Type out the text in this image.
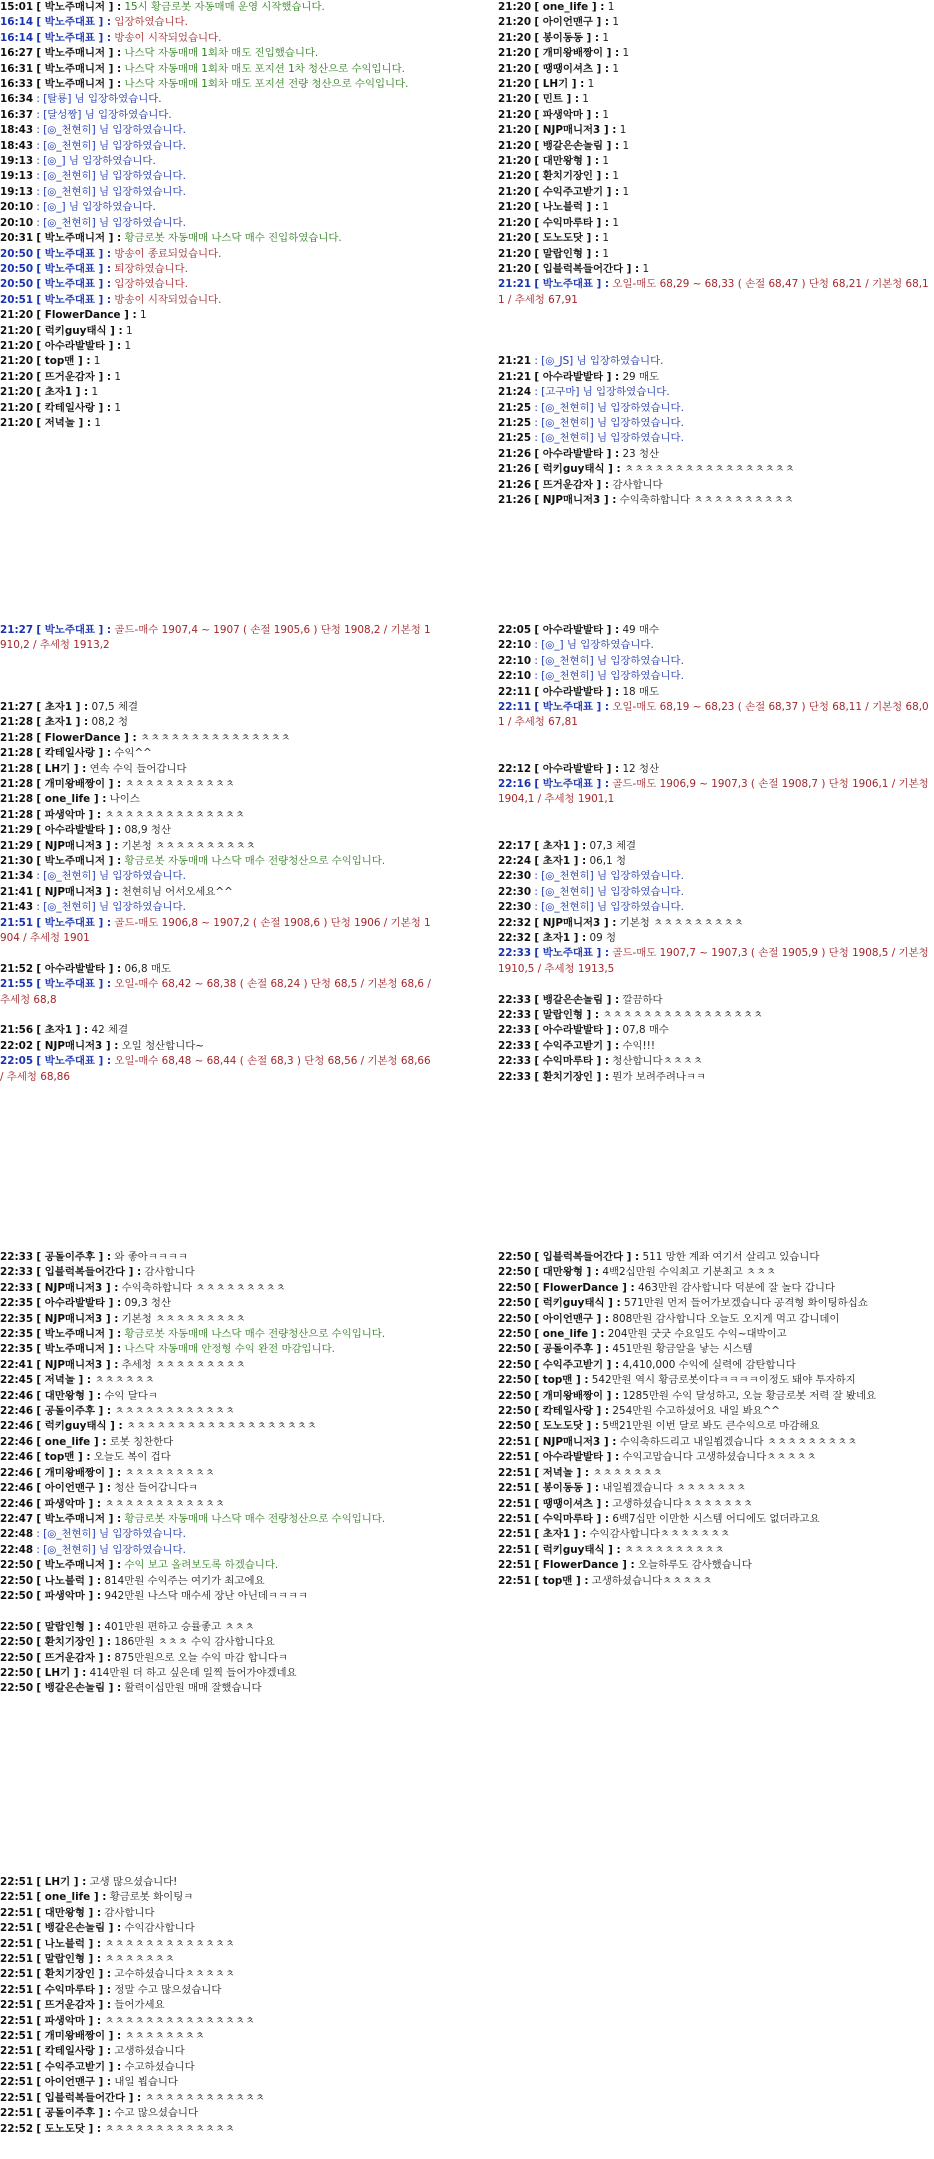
15:01 [ 박노주매니저 ] : 15시 황금로봇 자동매매 운영 시작했습니다.
16:14 [ 박노주대표 ] : 입장하였습니다.
16:14 [ 박노주대표 ] : 방송이 시작되었습니다.
16:27 [ 박노주매니저 ] : 나스닥 자동매매 1회차 매도 진입했습니다.
16:31 [ 박노주매니저 ] : 나스닥 자동매매 1회차 매도 포지션 1차 청산으로 수익입니다.
16:33 [ 박노주매니저 ] : 나스닥 자동매매 1회차 매도 포지션 전량 청산으로 수익입니다.
16:34 : [탈룡] 님 입장하였습니다.
16:37 : [달성짱] 님 입장하였습니다.
18:43 : [◎_천현히] 님 입장하였습니다.
18:43 : [◎_천현히] 님 입장하였습니다.
19:13 : [◎_] 님 입장하였습니다.
19:13 : [◎_천현히] 님 입장하였습니다.
19:13 : [◎_천현히] 님 입장하였습니다.
20:10 : [◎_] 님 입장하였습니다.
20:10 : [◎_천현히] 님 입장하였습니다.
20:31 [ 박노주매니저 ] : 황금로봇 자동매매 나스닥 매수 진입하였습니다.
20:50 [ 박노주대표 ] : 방송이 종료되었습니다.
20:50 [ 박노주대표 ] : 퇴장하였습니다.
20:50 [ 박노주대표 ] : 입장하였습니다.
20:51 [ 박노주대표 ] : 방송이 시작되었습니다.
21:20 [ FlowerDance ] : 1
21:20 [ 럭키guy태식 ] : 1
21:20 [ 아수라발발타 ] : 1
21:20 [ top맨 ] : 1
21:20 [ 뜨거운감자 ] : 1
21:20 [ 초자1 ] : 1
21:20 [ 칵테일사랑 ] : 1
21:20 [ 저녁놀 ] : 1
21:20 [ one_life ] : 1
21:20 [ 아이언맨구 ] : 1
21:20 [ 봉이동동 ] : 1
21:20 [ 개미왕배짱이 ] : 1
21:20 [ 땡땡이셔츠 ] : 1
21:20 [ LH기 ] : 1
21:20 [ 민트 ] : 1
21:20 [ 파생악마 ] : 1
21:20 [ NJP매니저3 ] : 1
21:20 [ 뱅갈은손놀림 ] : 1
21:20 [ 대만왕형 ] : 1
21:20 [ 환치기장인 ] : 1
21:20 [ 수익주고받기 ] : 1
21:20 [ 나노블럭 ] : 1
21:20 [ 수익마루타 ] : 1
21:20 [ 도노도닷 ] : 1
21:20 [ 말랍인형 ] : 1
21:20 [ 입블럭복들어간다 ] : 1
21:21 [ 박노주대표 ] : 오일-매도 68,29 ~ 68,33 ( 손절 68,47 ) 단청 68,21 / 기본청 68,11 / 추세청 67,91
21:21 : [◎_JS] 님 입장하였습니다.
21:21 [ 아수라발발타 ] : 29 매도
21:24 : [고구마] 님 입장하였습니다.
21:25 : [◎_천현히] 님 입장하였습니다.
21:25 : [◎_천현히] 님 입장하였습니다.
21:25 : [◎_천현히] 님 입장하였습니다.
21:26 [ 아수라발발타 ] : 23 청산
21:26 [ 럭키guy태식 ] : ㅊㅊㅊㅊㅊㅊㅊㅊㅊㅊㅊㅊㅊㅊㅊㅊㅊ
21:26 [ 뜨거운감자 ] : 감사합니다
21:26 [ NJP매니저3 ] : 수익축하합니다 ㅊㅊㅊㅊㅊㅊㅊㅊㅊㅊ
21:27 [ 박노주대표 ] : 골드-매수 1907,4 ~ 1907 ( 손절 1905,6 ) 단청 1908,2 / 기본청 1910,2 / 추세청 1913,2
21:27 [ 초자1 ] : 07,5 체결
21:28 [ 초자1 ] : 08,2 청
21:28 [ FlowerDance ] : ㅊㅊㅊㅊㅊㅊㅊㅊㅊㅊㅊㅊㅊㅊㅊ
21:28 [ 칵테일사랑 ] : 수익^^
21:28 [ LH기 ] : 연속 수익 들어갑니다
21:28 [ 개미왕배짱이 ] : ㅊㅊㅊㅊㅊㅊㅊㅊㅊㅊㅊ
21:28 [ one_life ] : 나이스
21:28 [ 파생악마 ] : ㅊㅊㅊㅊㅊㅊㅊㅊㅊㅊㅊㅊㅊㅊ
21:29 [ 아수라발발타 ] : 08,9 청산
21:29 [ NJP매니저3 ] : 기본청 ㅊㅊㅊㅊㅊㅊㅊㅊㅊㅊ
21:30 [ 박노주매니저 ] : 황금로봇 자동매매 나스닥 매수 전량청산으로 수익입니다.
21:34 : [◎_천현히] 님 입장하였습니다.
21:41 [ NJP매니저3 ] : 천현히님 어서오세요^^
21:43 : [◎_천현히] 님 입장하였습니다.
21:51 [ 박노주대표 ] : 골드-매도 1906,8 ~ 1907,2 ( 손절 1908,6 ) 단청 1906 / 기본청 1904 / 추세청 1901
21:52 [ 아수라발발타 ] : 06,8 매도
21:55 [ 박노주대표 ] : 오일-매수 68,42 ~ 68,38 ( 손절 68,24 ) 단청 68,5 / 기본청 68,6 / 추세청 68,8
21:56 [ 초자1 ] : 42 체결
22:02 [ NJP매니저3 ] : 오일 청산합니다~
22:05 [ 박노주대표 ] : 오일-매수 68,48 ~ 68,44 ( 손절 68,3 ) 단청 68,56 / 기본청 68,66 / 추세청 68,86
22:05 [ 아수라발발타 ] : 49 매수
22:10 : [◎_] 님 입장하였습니다.
22:10 : [◎_천현히] 님 입장하였습니다.
22:10 : [◎_천현히] 님 입장하였습니다.
22:11 [ 아수라발발타 ] : 18 매도
22:11 [ 박노주대표 ] : 오일-매도 68,19 ~ 68,23 ( 손절 68,37 ) 단청 68,11 / 기본청 68,01 / 추세청 67,81
22:12 [ 아수라발발타 ] : 12 청산
22:16 [ 박노주대표 ] : 골드-매도 1906,9 ~ 1907,3 ( 손절 1908,7 ) 단청 1906,1 / 기본청 1904,1 / 추세청 1901,1
22:17 [ 초자1 ] : 07,3 체결
22:24 [ 초자1 ] : 06,1 청
22:30 : [◎_천현히] 님 입장하였습니다.
22:30 : [◎_천현히] 님 입장하였습니다.
22:30 : [◎_천현히] 님 입장하였습니다.
22:32 [ NJP매니저3 ] : 기본청 ㅊㅊㅊㅊㅊㅊㅊㅊㅊ
22:32 [ 초자1 ] : 09 청
22:33 [ 박노주대표 ] : 골드-매도 1907,7 ~ 1907,3 ( 손절 1905,9 ) 단청 1908,5 / 기본청 1910,5 / 추세청 1913,5
22:33 [ 뱅갈은손놀림 ] : 깔끔하다
22:33 [ 말랍인형 ] : ㅊㅊㅊㅊㅊㅊㅊㅊㅊㅊㅊㅊㅊㅊㅊㅊ
22:33 [ 아수라발발타 ] : 07,8 매수
22:33 [ 수익주고받기 ] : 수익!!!
22:33 [ 수익마루타 ] : 청산합니다ㅊㅊㅊㅊ
22:33 [ 환치기장인 ] : 뭔가 보려주려나ㅋㅋ
22:33 [ 공돌이주후 ] : 와 좋아ㅋㅋㅋㅋ
22:33 [ 입블럭복들어간다 ] : 감사합니다
22:33 [ NJP매니저3 ] : 수익축하합니다 ㅊㅊㅊㅊㅊㅊㅊㅊㅊ
22:35 [ 아수라발발타 ] : 09,3 청산
22:35 [ NJP매니저3 ] : 기본청 ㅊㅊㅊㅊㅊㅊㅊㅊㅊ
22:35 [ 박노주매니저 ] : 황금로봇 자동매매 나스닥 매수 전량청산으로 수익입니다.
22:35 [ 박노주매니저 ] : 나스닥 자동매매 안정형 수익 완전 마감입니다.
22:41 [ NJP매니저3 ] : 추세청 ㅊㅊㅊㅊㅊㅊㅊㅊㅊ
22:45 [ 저녁놀 ] : ㅊㅊㅊㅊㅊㅊ
22:46 [ 대만왕형 ] : 수익 달다ㅋ
22:46 [ 공돌이주후 ] : ㅊㅊㅊㅊㅊㅊㅊㅊㅊㅊㅊㅊ
22:46 [ 럭키guy태식 ] : ㅊㅊㅊㅊㅊㅊㅊㅊㅊㅊㅊㅊㅊㅊㅊㅊㅊㅊㅊ
22:46 [ one_life ] : 로봇 칭찬한다
22:46 [ top맨 ] : 오늘도 복이 겁다
22:46 [ 개미왕배짱이 ] : ㅊㅊㅊㅊㅊㅊㅊㅊㅊ
22:46 [ 아이언맨구 ] : 청산 들어갑니다ㅋ
22:46 [ 파생악마 ] : ㅊㅊㅊㅊㅊㅊㅊㅊㅊㅊㅊㅊ
22:47 [ 박노주매니저 ] : 황금로봇 자동매매 나스닥 매수 전량청산으로 수익입니다.
22:48 : [◎_천현히] 님 입장하였습니다.
22:48 : [◎_천현히] 님 입장하였습니다.
22:50 [ 박노주매니저 ] : 수익 보고 올려보도록 하겠습니다.
22:50 [ 나노블럭 ] : 814만원 수익주는 여기가 최고에요
22:50 [ 파생악마 ] : 942만원 나스닥 매수세 장난 아닌데ㅋㅋㅋㅋ
22:50 [ 말랍인형 ] : 401만원 편하고 승률좋고 ㅊㅊㅊ
22:50 [ 환치기장인 ] : 186만원 ㅊㅊㅊ 수익 감사합니다요
22:50 [ 뜨거운감자 ] : 875만원으로 오늘 수익 마감 합니다ㅋ
22:50 [ LH기 ] : 414만원 더 하고 싶은데 일찍 들어가야겠네요
22:50 [ 뱅갈은손놀림 ] : 활력이십만원 매매 잘했습니다
22:50 [ 입블럭복들어간다 ] : 511 망한 계좌 여기서 살리고 있습니다
22:50 [ 대만왕형 ] : 4백2십만원 수익최고 기분최고 ㅊㅊㅊ
22:50 [ FlowerDance ] : 463만원 감사합니다 덕분에 잘 놀다 갑니다
22:50 [ 럭키guy태식 ] : 571만원 먼저 들어가보겠습니다 공격형 화이팅하십쇼
22:50 [ 아이언맨구 ] : 808만원 감사합니다 오늘도 오지게 먹고 갑니데이
22:50 [ one_life ] : 204만원 굿굿 수요일도 수익~대박이고
22:50 [ 공돌이주후 ] : 451만원 황금알을 낳는 시스템
22:50 [ 수익주고받기 ] : 4,410,000 수익에 실력에 감탄합니다
22:50 [ top맨 ] : 542만원 역시 황금로봇이다ㅋㅋㅋㅋ이정도 돼야 투자하지
22:50 [ 개미왕배짱이 ] : 1285만원 수익 달성하고, 오늘 황금로봇 저력 잘 봤네요
22:50 [ 칵테일사랑 ] : 254만원 수고하셨어요 내일 봐요^^
22:50 [ 도노도닷 ] : 5백21만원 이번 달로 봐도 큰수익으로 마감해요
22:51 [ NJP매니저3 ] : 수익축하드리고 내일뵙겠습니다 ㅊㅊㅊㅊㅊㅊㅊㅊㅊ
22:51 [ 아수라발발타 ] : 수익고맙습니다 고생하셨습니다ㅊㅊㅊㅊㅊ
22:51 [ 저녁놀 ] : ㅊㅊㅊㅊㅊㅊㅊ
22:51 [ 봉이동동 ] : 내일뵙겠습니다 ㅊㅊㅊㅊㅊㅊㅊ
22:51 [ 땡땡이셔츠 ] : 고생하셨습니다ㅊㅊㅊㅊㅊㅊㅊ
22:51 [ 수익마루타 ] : 6백7십만 이만한 시스템 어디에도 없더라고요
22:51 [ 초자1 ] : 수익감사합니다ㅊㅊㅊㅊㅊㅊㅊ
22:51 [ 럭키guy태식 ] : ㅊㅊㅊㅊㅊㅊㅊㅊㅊㅊ
22:51 [ FlowerDance ] : 오늘하루도 감사했습니다
22:51 [ top맨 ] : 고생하셨습니다ㅊㅊㅊㅊㅊ
22:51 [ LH기 ] : 고생 많으셨습니다!
22:51 [ one_life ] : 황금로봇 화이팅ㅋ
22:51 [ 대만왕형 ] : 감사합니다
22:51 [ 뱅갈은손놀림 ] : 수익감사합니다
22:51 [ 나노블럭 ] : ㅊㅊㅊㅊㅊㅊㅊㅊㅊㅊㅊㅊㅊ
22:51 [ 말랍인형 ] : ㅊㅊㅊㅊㅊㅊㅊ
22:51 [ 환치기장인 ] : 고수하셨습니다ㅊㅊㅊㅊㅊ
22:51 [ 수익마루타 ] : 정말 수고 많으셨습니다
22:51 [ 뜨거운감자 ] : 들어가세요
22:51 [ 파생악마 ] : ㅊㅊㅊㅊㅊㅊㅊㅊㅊㅊㅊㅊㅊㅊㅊ
22:51 [ 개미왕배짱이 ] : ㅊㅊㅊㅊㅊㅊㅊㅊ
22:51 [ 칵테일사랑 ] : 고생하셨습니다
22:51 [ 수익주고받기 ] : 수고하셨습니다
22:51 [ 아이언맨구 ] : 내일 뵙습니다
22:51 [ 입블럭복들어간다 ] : ㅊㅊㅊㅊㅊㅊㅊㅊㅊㅊㅊㅊ
22:51 [ 공돌이주후 ] : 수고 많으셨습니다
22:52 [ 도노도닷 ] : ㅊㅊㅊㅊㅊㅊㅊㅊㅊㅊㅊㅊㅊ
